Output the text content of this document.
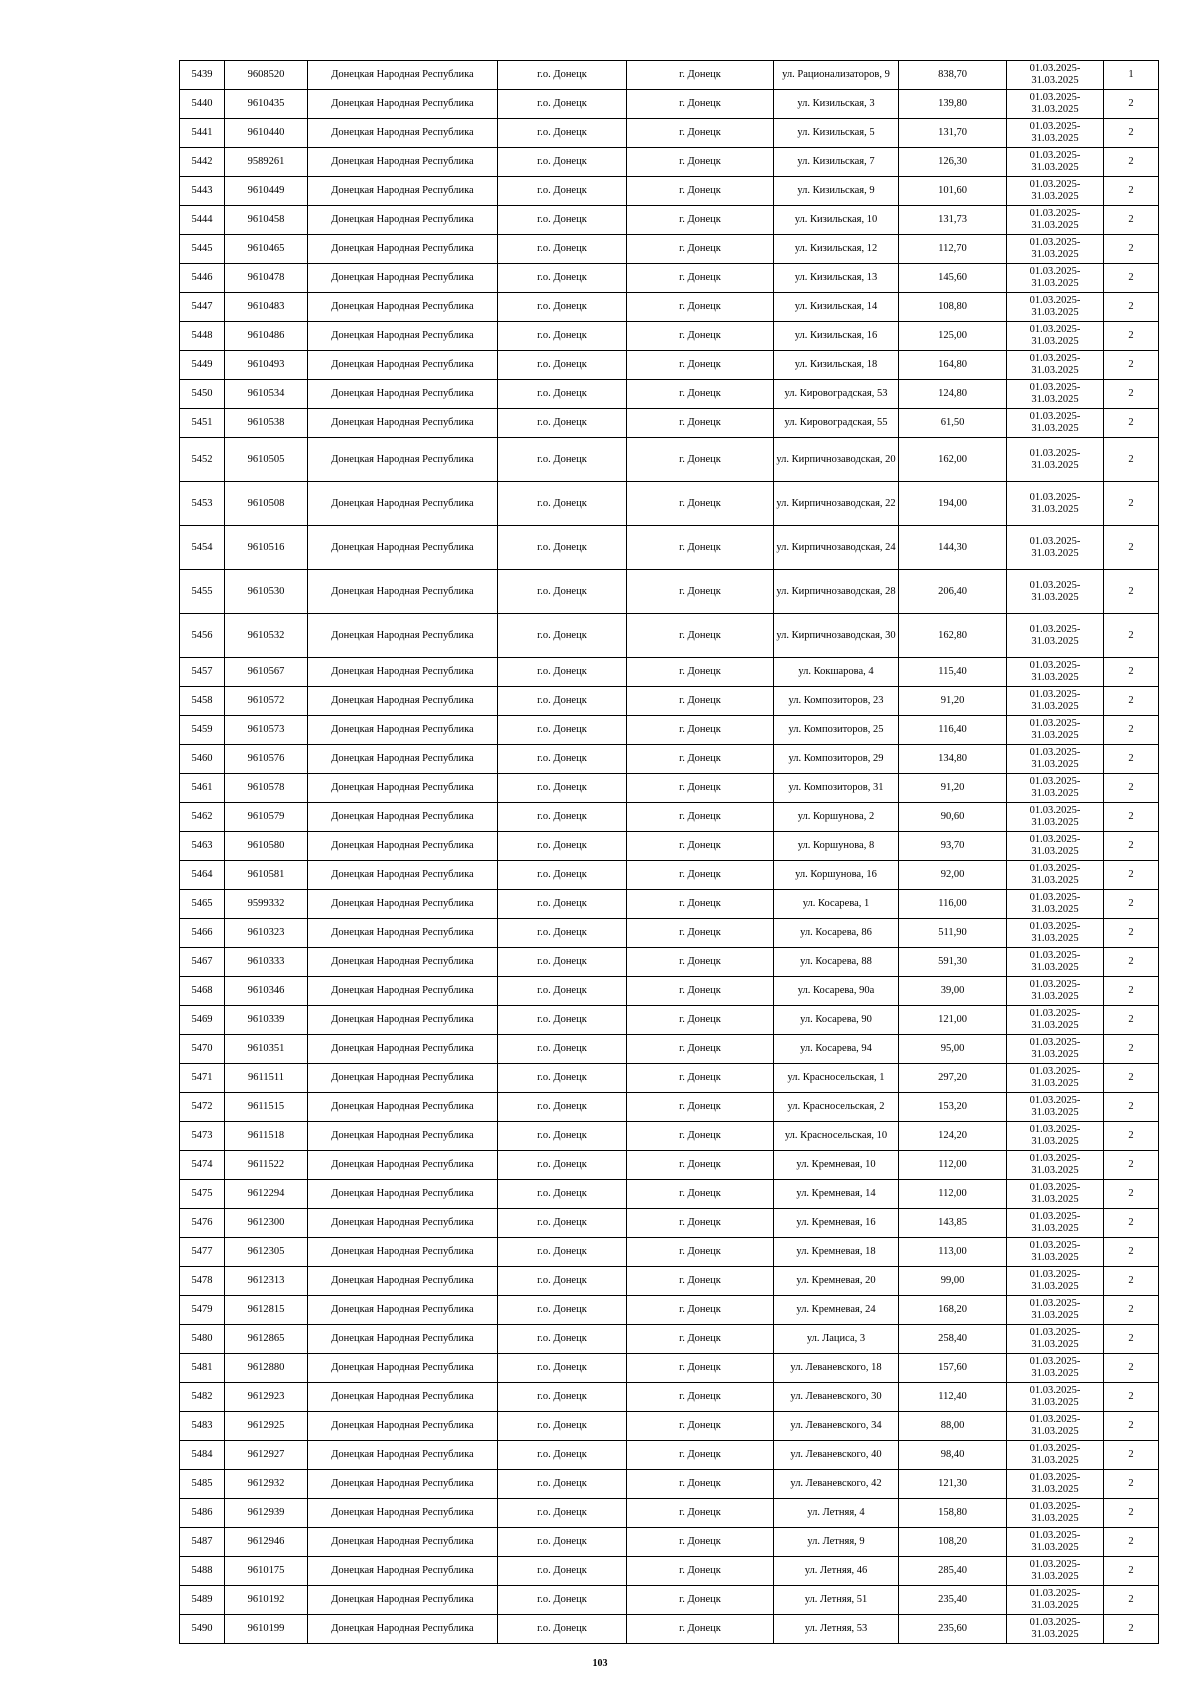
5439	9608520	Донецкая Народная Республика	г.о. Донецк	г. Донецк	ул. Рационализаторов, 9	838,70	01.03.2025-31.03.2025	1
5440	9610435	Донецкая Народная Республика	г.о. Донецк	г. Донецк	ул. Кизильская, 3	139,80	01.03.2025-31.03.2025	2
5441	9610440	Донецкая Народная Республика	г.о. Донецк	г. Донецк	ул. Кизильская, 5	131,70	01.03.2025-31.03.2025	2
5442	9589261	Донецкая Народная Республика	г.о. Донецк	г. Донецк	ул. Кизильская, 7	126,30	01.03.2025-31.03.2025	2
5443	9610449	Донецкая Народная Республика	г.о. Донецк	г. Донецк	ул. Кизильская, 9	101,60	01.03.2025-31.03.2025	2
5444	9610458	Донецкая Народная Республика	г.о. Донецк	г. Донецк	ул. Кизильская, 10	131,73	01.03.2025-31.03.2025	2
5445	9610465	Донецкая Народная Республика	г.о. Донецк	г. Донецк	ул. Кизильская, 12	112,70	01.03.2025-31.03.2025	2
5446	9610478	Донецкая Народная Республика	г.о. Донецк	г. Донецк	ул. Кизильская, 13	145,60	01.03.2025-31.03.2025	2
5447	9610483	Донецкая Народная Республика	г.о. Донецк	г. Донецк	ул. Кизильская, 14	108,80	01.03.2025-31.03.2025	2
5448	9610486	Донецкая Народная Республика	г.о. Донецк	г. Донецк	ул. Кизильская, 16	125,00	01.03.2025-31.03.2025	2
5449	9610493	Донецкая Народная Республика	г.о. Донецк	г. Донецк	ул. Кизильская, 18	164,80	01.03.2025-31.03.2025	2
5450	9610534	Донецкая Народная Республика	г.о. Донецк	г. Донецк	ул. Кировоградская, 53	124,80	01.03.2025-31.03.2025	2
5451	9610538	Донецкая Народная Республика	г.о. Донецк	г. Донецк	ул. Кировоградская, 55	61,50	01.03.2025-31.03.2025	2
5452	9610505	Донецкая Народная Республика	г.о. Донецк	г. Донецк	ул. Кирпичнозаводская, 20	162,00	01.03.2025-31.03.2025	2
5453	9610508	Донецкая Народная Республика	г.о. Донецк	г. Донецк	ул. Кирпичнозаводская, 22	194,00	01.03.2025-31.03.2025	2
5454	9610516	Донецкая Народная Республика	г.о. Донецк	г. Донецк	ул. Кирпичнозаводская, 24	144,30	01.03.2025-31.03.2025	2
5455	9610530	Донецкая Народная Республика	г.о. Донецк	г. Донецк	ул. Кирпичнозаводская, 28	206,40	01.03.2025-31.03.2025	2
5456	9610532	Донецкая Народная Республика	г.о. Донецк	г. Донецк	ул. Кирпичнозаводская, 30	162,80	01.03.2025-31.03.2025	2
5457	9610567	Донецкая Народная Республика	г.о. Донецк	г. Донецк	ул. Кокшарова, 4	115,40	01.03.2025-31.03.2025	2
5458	9610572	Донецкая Народная Республика	г.о. Донецк	г. Донецк	ул. Композиторов, 23	91,20	01.03.2025-31.03.2025	2
5459	9610573	Донецкая Народная Республика	г.о. Донецк	г. Донецк	ул. Композиторов, 25	116,40	01.03.2025-31.03.2025	2
5460	9610576	Донецкая Народная Республика	г.о. Донецк	г. Донецк	ул. Композиторов, 29	134,80	01.03.2025-31.03.2025	2
5461	9610578	Донецкая Народная Республика	г.о. Донецк	г. Донецк	ул. Композиторов, 31	91,20	01.03.2025-31.03.2025	2
5462	9610579	Донецкая Народная Республика	г.о. Донецк	г. Донецк	ул. Коршунова, 2	90,60	01.03.2025-31.03.2025	2
5463	9610580	Донецкая Народная Республика	г.о. Донецк	г. Донецк	ул. Коршунова, 8	93,70	01.03.2025-31.03.2025	2
5464	9610581	Донецкая Народная Республика	г.о. Донецк	г. Донецк	ул. Коршунова, 16	92,00	01.03.2025-31.03.2025	2
5465	9599332	Донецкая Народная Республика	г.о. Донецк	г. Донецк	ул. Косарева, 1	116,00	01.03.2025-31.03.2025	2
5466	9610323	Донецкая Народная Республика	г.о. Донецк	г. Донецк	ул. Косарева, 86	511,90	01.03.2025-31.03.2025	2
5467	9610333	Донецкая Народная Республика	г.о. Донецк	г. Донецк	ул. Косарева, 88	591,30	01.03.2025-31.03.2025	2
5468	9610346	Донецкая Народная Республика	г.о. Донецк	г. Донецк	ул. Косарева, 90а	39,00	01.03.2025-31.03.2025	2
5469	9610339	Донецкая Народная Республика	г.о. Донецк	г. Донецк	ул. Косарева, 90	121,00	01.03.2025-31.03.2025	2
5470	9610351	Донецкая Народная Республика	г.о. Донецк	г. Донецк	ул. Косарева, 94	95,00	01.03.2025-31.03.2025	2
5471	9611511	Донецкая Народная Республика	г.о. Донецк	г. Донецк	ул. Красносельская, 1	297,20	01.03.2025-31.03.2025	2
5472	9611515	Донецкая Народная Республика	г.о. Донецк	г. Донецк	ул. Красносельская, 2	153,20	01.03.2025-31.03.2025	2
5473	9611518	Донецкая Народная Республика	г.о. Донецк	г. Донецк	ул. Красносельская, 10	124,20	01.03.2025-31.03.2025	2
5474	9611522	Донецкая Народная Республика	г.о. Донецк	г. Донецк	ул. Кремневая, 10	112,00	01.03.2025-31.03.2025	2
5475	9612294	Донецкая Народная Республика	г.о. Донецк	г. Донецк	ул. Кремневая, 14	112,00	01.03.2025-31.03.2025	2
5476	9612300	Донецкая Народная Республика	г.о. Донецк	г. Донецк	ул. Кремневая, 16	143,85	01.03.2025-31.03.2025	2
5477	9612305	Донецкая Народная Республика	г.о. Донецк	г. Донецк	ул. Кремневая, 18	113,00	01.03.2025-31.03.2025	2
5478	9612313	Донецкая Народная Республика	г.о. Донецк	г. Донецк	ул. Кремневая, 20	99,00	01.03.2025-31.03.2025	2
5479	9612815	Донецкая Народная Республика	г.о. Донецк	г. Донецк	ул. Кремневая, 24	168,20	01.03.2025-31.03.2025	2
5480	9612865	Донецкая Народная Республика	г.о. Донецк	г. Донецк	ул. Лациса, 3	258,40	01.03.2025-31.03.2025	2
5481	9612880	Донецкая Народная Республика	г.о. Донецк	г. Донецк	ул. Леваневского, 18	157,60	01.03.2025-31.03.2025	2
5482	9612923	Донецкая Народная Республика	г.о. Донецк	г. Донецк	ул. Леваневского, 30	112,40	01.03.2025-31.03.2025	2
5483	9612925	Донецкая Народная Республика	г.о. Донецк	г. Донецк	ул. Леваневского, 34	88,00	01.03.2025-31.03.2025	2
5484	9612927	Донецкая Народная Республика	г.о. Донецк	г. Донецк	ул. Леваневского, 40	98,40	01.03.2025-31.03.2025	2
5485	9612932	Донецкая Народная Республика	г.о. Донецк	г. Донецк	ул. Леваневского, 42	121,30	01.03.2025-31.03.2025	2
5486	9612939	Донецкая Народная Республика	г.о. Донецк	г. Донецк	ул. Летняя, 4	158,80	01.03.2025-31.03.2025	2
5487	9612946	Донецкая Народная Республика	г.о. Донецк	г. Донецк	ул. Летняя, 9	108,20	01.03.2025-31.03.2025	2
5488	9610175	Донецкая Народная Республика	г.о. Донецк	г. Донецк	ул. Летняя, 46	285,40	01.03.2025-31.03.2025	2
5489	9610192	Донецкая Народная Республика	г.о. Донецк	г. Донецк	ул. Летняя, 51	235,40	01.03.2025-31.03.2025	2
5490	9610199	Донецкая Народная Республика	г.о. Донецк	г. Донецк	ул. Летняя, 53	235,60	01.03.2025-31.03.2025	2
103
